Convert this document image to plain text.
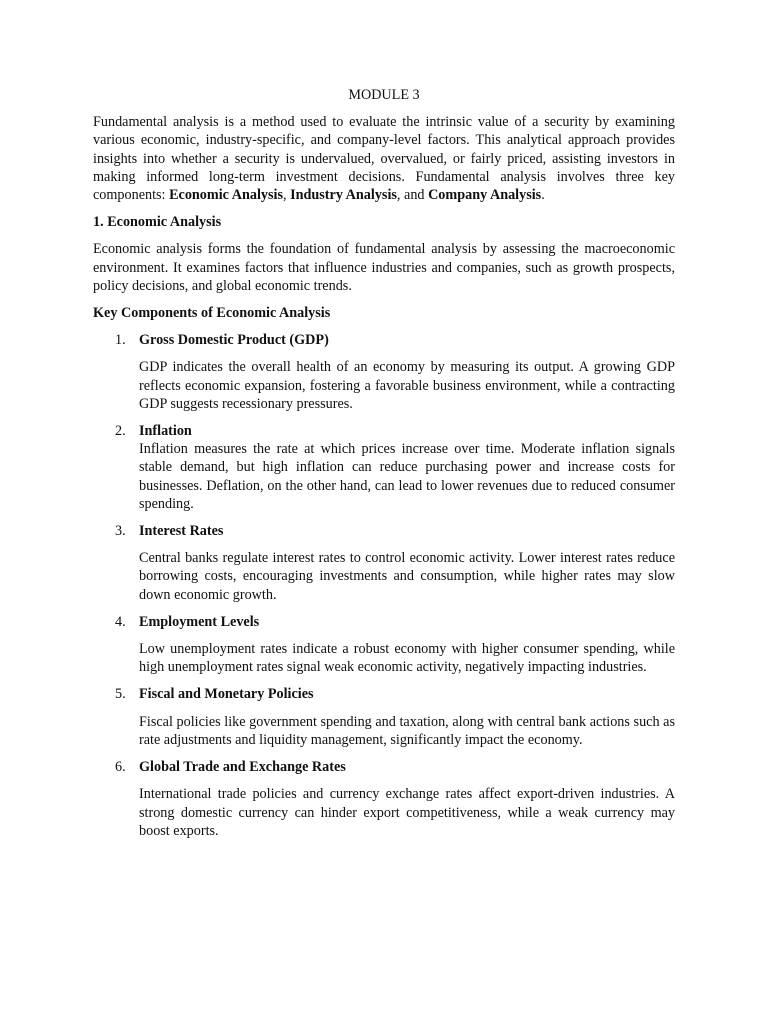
MODULE 3

Fundamental analysis is a method used to evaluate the intrinsic value of a security by examining various economic, industry-specific, and company-level factors. This analytical approach provides insights into whether a security is undervalued, overvalued, or fairly priced, assisting investors in making informed long-term investment decisions. Fundamental analysis involves three key components: Economic Analysis, Industry Analysis, and Company Analysis.

1. Economic Analysis

Economic analysis forms the foundation of fundamental analysis by assessing the macroeconomic environment. It examines factors that influence industries and companies, such as growth prospects, policy decisions, and global economic trends.

Key Components of Economic Analysis
1. Gross Domestic Product (GDP)

GDP indicates the overall health of an economy by measuring its output. A growing GDP reflects economic expansion, fostering a favorable business environment, while a contracting GDP suggests recessionary pressures.

2. Inflation

Inflation measures the rate at which prices increase over time. Moderate inflation signals stable demand, but high inflation can reduce purchasing power and increase costs for businesses. Deflation, on the other hand, can lead to lower revenues due to reduced consumer spending.

3. Interest Rates

Central banks regulate interest rates to control economic activity. Lower interest rates reduce borrowing costs, encouraging investments and consumption, while higher rates may slow down economic growth.

4. Employment Levels

Low unemployment rates indicate a robust economy with higher consumer spending, while high unemployment rates signal weak economic activity, negatively impacting industries.

5. Fiscal and Monetary Policies

Fiscal policies like government spending and taxation, along with central bank actions such as rate adjustments and liquidity management, significantly impact the economy.

6. Global Trade and Exchange Rates

International trade policies and currency exchange rates affect export-driven industries. A strong domestic currency can hinder export competitiveness, while a weak currency may boost exports.
